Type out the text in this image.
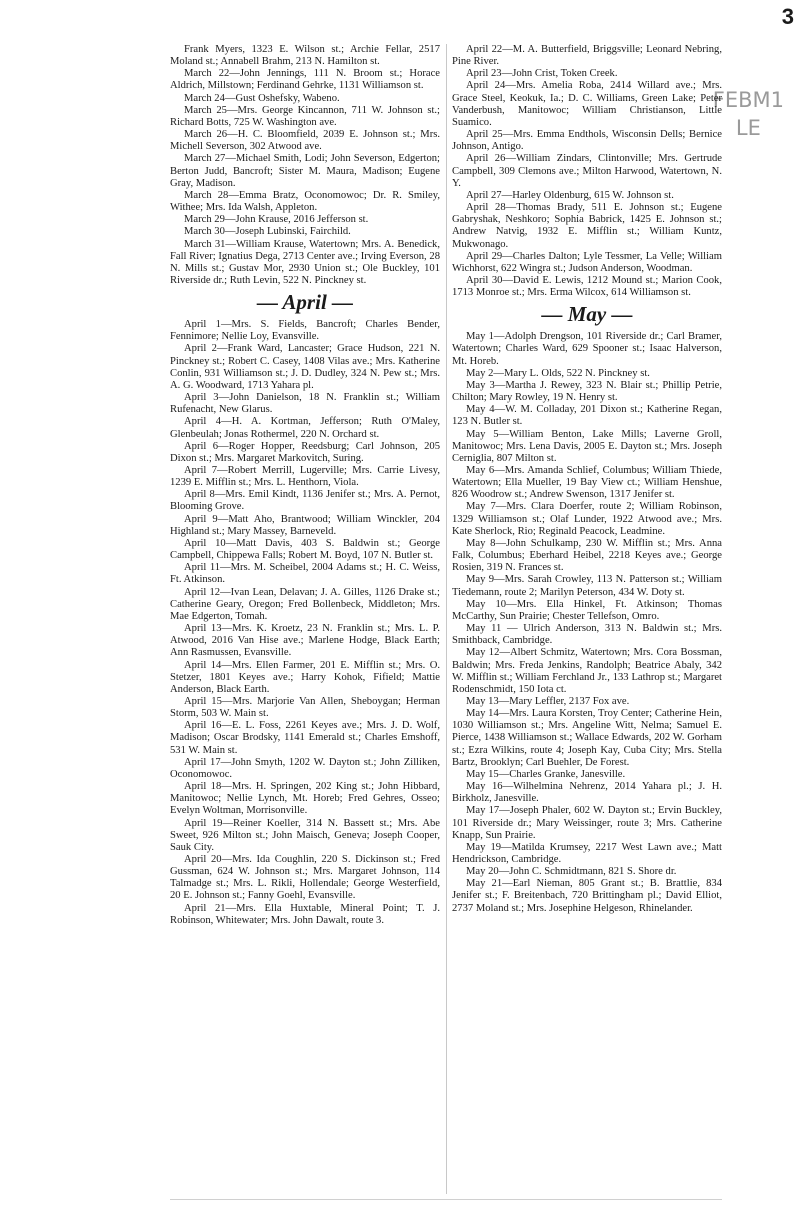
3
FEBM1
LE

Frank Myers, 1323 E. Wilson st.; Archie Fellar, 2517 Moland st.; Annabell Brahm, 213 N. Hamilton st.

March 22—John Jennings, 111 N. Broom st.; Horace Aldrich, Millstown; Ferdinand Gehrke, 1131 Williamson st.

March 24—Gust Oshefsky, Wabeno.

March 25—Mrs. George Kincannon, 711 W. Johnson st.; Richard Botts, 725 W. Washington ave.

March 26—H. C. Bloomfield, 2039 E. Johnson st.; Mrs. Michell Severson, 302 Atwood ave.

March 27—Michael Smith, Lodi; John Severson, Edgerton; Berton Judd, Bancroft; Sister M. Maura, Madison; Eugene Gray, Madison.

March 28—Emma Bratz, Oconomowoc; Dr. R. Smiley, Withee; Mrs. Ida Walsh, Appleton.

March 29—John Krause, 2016 Jefferson st.

March 30—Joseph Lubinski, Fairchild.

March 31—William Krause, Watertown; Mrs. A. Benedick, Fall River; Ignatius Dega, 2713 Center ave.; Irving Everson, 28 N. Mills st.; Gustav Mor, 2930 Union st.; Ole Buckley, 101 Riverside dr.; Ruth Levin, 522 N. Pinckney st.

— April —

April 1—Mrs. S. Fields, Bancroft; Charles Bender, Fennimore; Nellie Loy, Evansville.

April 2—Frank Ward, Lancaster; Grace Hudson, 221 N. Pinckney st.; Robert C. Casey, 1408 Vilas ave.; Mrs. Katherine Conlin, 931 Williamson st.; J. D. Dudley, 324 N. Pew st.; Mrs. A. G. Woodward, 1713 Yahara pl.

April 3—John Danielson, 18 N. Franklin st.; William Rufenacht, New Glarus.

April 4—H. A. Kortman, Jefferson; Ruth O'Maley, Glenbeulah; Jonas Rothermel, 220 N. Orchard st.

April 6—Roger Hopper, Reedsburg; Carl Johnson, 205 Dixon st.; Mrs. Margaret Markovitch, Suring.

April 7—Robert Merrill, Lugerville; Mrs. Carrie Livesy, 1239 E. Mifflin st.; Mrs. L. Henthorn, Viola.

April 8—Mrs. Emil Kindt, 1136 Jenifer st.; Mrs. A. Pernot, Blooming Grove.

April 9—Matt Aho, Brantwood; William Winckler, 204 Highland st.; Mary Massey, Barneveld.

April 10—Matt Davis, 403 S. Baldwin st.; George Campbell, Chippewa Falls; Robert M. Boyd, 107 N. Butler st.

April 11—Mrs. M. Scheibel, 2004 Adams st.; H. C. Weiss, Ft. Atkinson.

April 12—Ivan Lean, Delavan; J. A. Gilles, 1126 Drake st.; Catherine Geary, Oregon; Fred Bollenbeck, Middleton; Mrs. Mae Edgerton, Tomah.

April 13—Mrs. K. Kroetz, 23 N. Franklin st.; Mrs. L. P. Atwood, 2016 Van Hise ave.; Marlene Hodge, Black Earth; Ann Rasmussen, Evansville.

April 14—Mrs. Ellen Farmer, 201 E. Mifflin st.; Mrs. O. Stetzer, 1801 Keyes ave.; Harry Kohok, Fifield; Mattie Anderson, Black Earth.

April 15—Mrs. Marjorie Van Allen, Sheboygan; Herman Storm, 503 W. Main st.

April 16—E. L. Foss, 2261 Keyes ave.; Mrs. J. D. Wolf, Madison; Oscar Brodsky, 1141 Emerald st.; Charles Emshoff, 531 W. Main st.

April 17—John Smyth, 1202 W. Dayton st.; John Zilliken, Oconomowoc.

April 18—Mrs. H. Springen, 202 King st.; John Hibbard, Manitowoc; Nellie Lynch, Mt. Horeb; Fred Gehres, Osseo; Evelyn Woltman, Morrisonville.

April 19—Reiner Koeller, 314 N. Bassett st.; Mrs. Abe Sweet, 926 Milton st.; John Maisch, Geneva; Joseph Cooper, Sauk City.

April 20—Mrs. Ida Coughlin, 220 S. Dickinson st.; Fred Gussman, 624 W. Johnson st.; Mrs. Margaret Johnson, 114 Talmadge st.; Mrs. L. Rikli, Hollendale; George Westerfield, 20 E. Johnson st.; Fanny Goehl, Evansville.

April 21—Mrs. Ella Huxtable, Mineral Point; T. J. Robinson, Whitewater; Mrs. John Dawalt, route 3.

April 22—M. A. Butterfield, Briggsville; Leonard Nebring, Pine River.

April 23—John Crist, Token Creek.

April 24—Mrs. Amelia Roba, 2414 Willard ave.; Mrs. Grace Steel, Keokuk, Ia.; D. C. Williams, Green Lake; Peter Vanderbush, Manitowoc; William Christianson, Little Suamico.

April 25—Mrs. Emma Endthols, Wisconsin Dells; Bernice Johnson, Antigo.

April 26—William Zindars, Clintonville; Mrs. Gertrude Campbell, 309 Clemons ave.; Milton Harwood, Watertown, N. Y.

April 27—Harley Oldenburg, 615 W. Johnson st.

April 28—Thomas Brady, 511 E. Johnson st.; Eugene Gabryshak, Neshkoro; Sophia Babrick, 1425 E. Johnson st.; Andrew Natvig, 1932 E. Mifflin st.; William Kuntz, Mukwonago.

April 29—Charles Dalton; Lyle Tessmer, La Velle; William Wichhorst, 622 Wingra st.; Judson Anderson, Woodman.

April 30—David E. Lewis, 1212 Mound st.; Marion Cook, 1713 Monroe st.; Mrs. Erma Wilcox, 614 Williamson st.

— May —

May 1—Adolph Drengson, 101 Riverside dr.; Carl Bramer, Watertown; Charles Ward, 629 Spooner st.; Isaac Halverson, Mt. Horeb.

May 2—Mary L. Olds, 522 N. Pinckney st.

May 3—Martha J. Rewey, 323 N. Blair st.; Phillip Petrie, Chilton; Mary Rowley, 19 N. Henry st.

May 4—W. M. Colladay, 201 Dixon st.; Katherine Regan, 123 N. Butler st.

May 5—William Benton, Lake Mills; Laverne Groll, Manitowoc; Mrs. Lena Davis, 2005 E. Dayton st.; Mrs. Joseph Cerniglia, 807 Milton st.

May 6—Mrs. Amanda Schlief, Columbus; William Thiede, Watertown; Ella Mueller, 19 Bay View ct.; William Henshue, 826 Woodrow st.; Andrew Swenson, 1317 Jenifer st.

May 7—Mrs. Clara Doerfer, route 2; William Robinson, 1329 Williamson st.; Olaf Lunder, 1922 Atwood ave.; Mrs. Kate Sherlock, Rio; Reginald Peacock, Leadmine.

May 8—John Schulkamp, 230 W. Mifflin st.; Mrs. Anna Falk, Columbus; Eberhard Heibel, 2218 Keyes ave.; George Rosien, 319 N. Frances st.

May 9—Mrs. Sarah Crowley, 113 N. Patterson st.; William Tiedemann, route 2; Marilyn Peterson, 434 W. Doty st.

May 10—Mrs. Ella Hinkel, Ft. Atkinson; Thomas McCarthy, Sun Prairie; Chester Tellefson, Omro.

May 11 — Ulrich Anderson, 313 N. Baldwin st.; Mrs. Smithback, Cambridge.

May 12—Albert Schmitz, Watertown; Mrs. Cora Bossman, Baldwin; Mrs. Freda Jenkins, Randolph; Beatrice Abaly, 342 W. Mifflin st.; William Ferchland Jr., 133 Lathrop st.; Margaret Rodenschmidt, 150 Iota ct.

May 13—Mary Leffler, 2137 Fox ave.

May 14—Mrs. Laura Korsten, Troy Center; Catherine Hein, 1030 Williamson st.; Mrs. Angeline Witt, Nelma; Samuel E. Pierce, 1438 Williamson st.; Wallace Edwards, 202 W. Gorham st.; Ezra Wilkins, route 4; Joseph Kay, Cuba City; Mrs. Stella Bartz, Brooklyn; Carl Buehler, De Forest.

May 15—Charles Granke, Janesville.

May 16—Wilhelmina Nehrenz, 2014 Yahara pl.; J. H. Birkholz, Janesville.

May 17—Joseph Phaler, 602 W. Dayton st.; Ervin Buckley, 101 Riverside dr.; Mary Weissinger, route 3; Mrs. Catherine Knapp, Sun Prairie.

May 19—Matilda Krumsey, 2217 West Lawn ave.; Matt Hendrickson, Cambridge.

May 20—John C. Schmidtmann, 821 S. Shore dr.

May 21—Earl Nieman, 805 Grant st.; B. Brattlie, 834 Jenifer st.; F. Breitenbach, 720 Brittingham pl.; David Elliot, 2737 Moland st.; Mrs. Josephine Helgeson, Rhinelander.
